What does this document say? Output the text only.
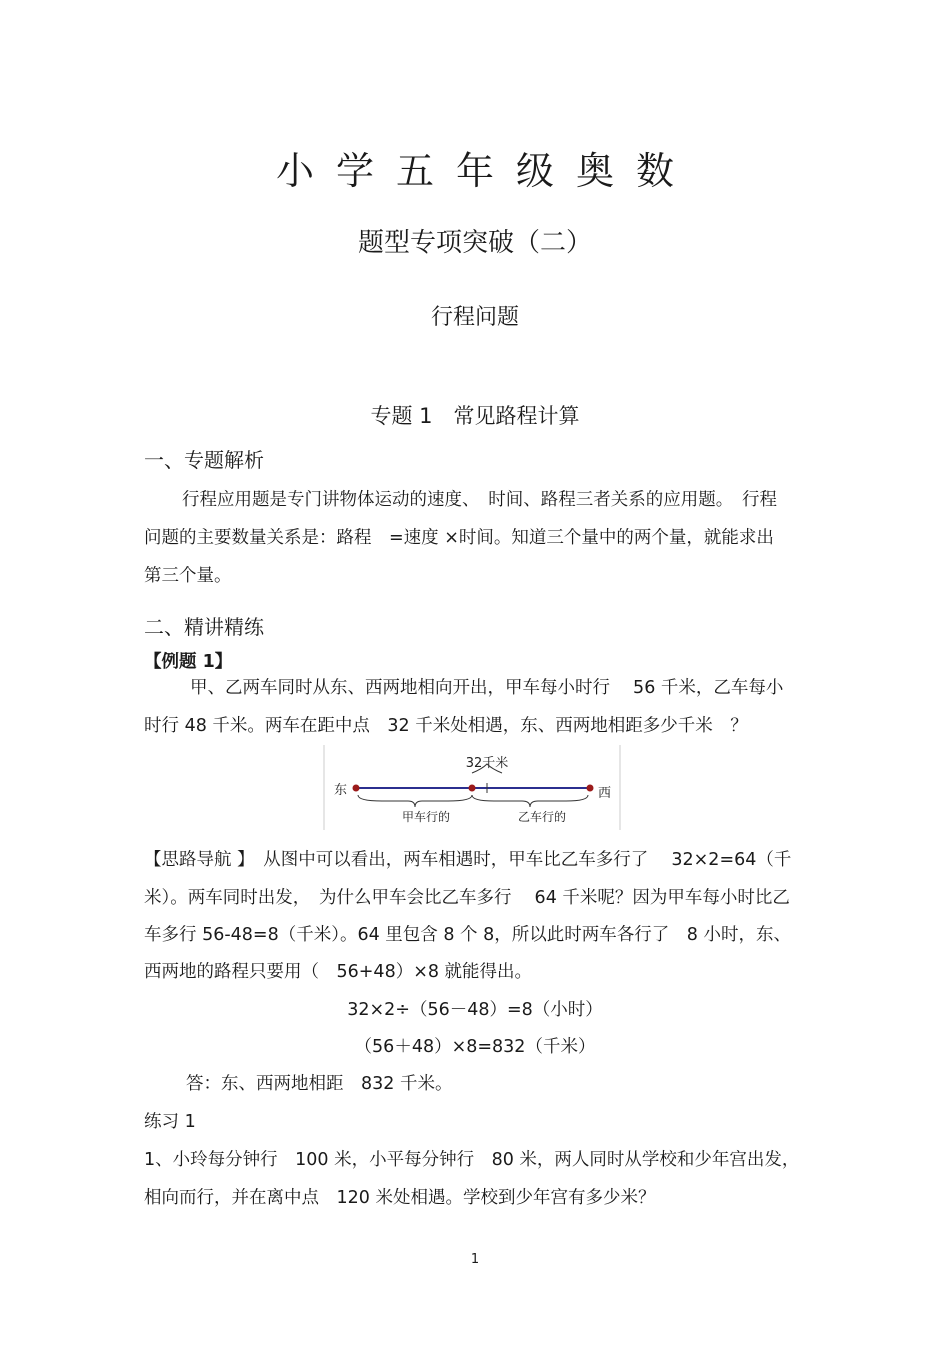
小学五年级奥数
题型专项突破（二）
行程问题
专题 1　常见路程计算
一、专题解析
行程应用题是专门讲物体运动的速度、　时间、路程三者关系的应用题。　行程
问题的主要数量关系是：路程　=速度 ×时间。知道三个量中的两个量，就能求出
第三个量。
二、精讲精练
【例题 1】
甲、乙两车同时从东、西两地相向开出，甲车每小时行　 56 千米，乙车每小
时行 48 千米。两车在距中点　32 千米处相遇，东、西两地相距多少千米　？
32千米
东	西
甲车行的	乙车行的
【思路导航 】　从图中可以看出，两车相遇时，甲车比乙车多行了　 32×2=64（千
米）。两车同时出发，　为什么甲车会比乙车多行　 64 千米呢？因为甲车每小时比乙
车多行 56-48=8（千米）。64 里包含 8 个 8，所以此时两车各行了　8 小时，东、
西两地的路程只要用（　56+48）×8 就能得出。
32×2÷（56－48）=8（小时）
（56＋48）×8=832（千米）
答：东、西两地相距　832 千米。
练习 1
1、小玲每分钟行　100 米，小平每分钟行　80 米，两人同时从学校和少年宫出发，
相向而行，并在离中点　120 米处相遇。学校到少年宫有多少米？
1
